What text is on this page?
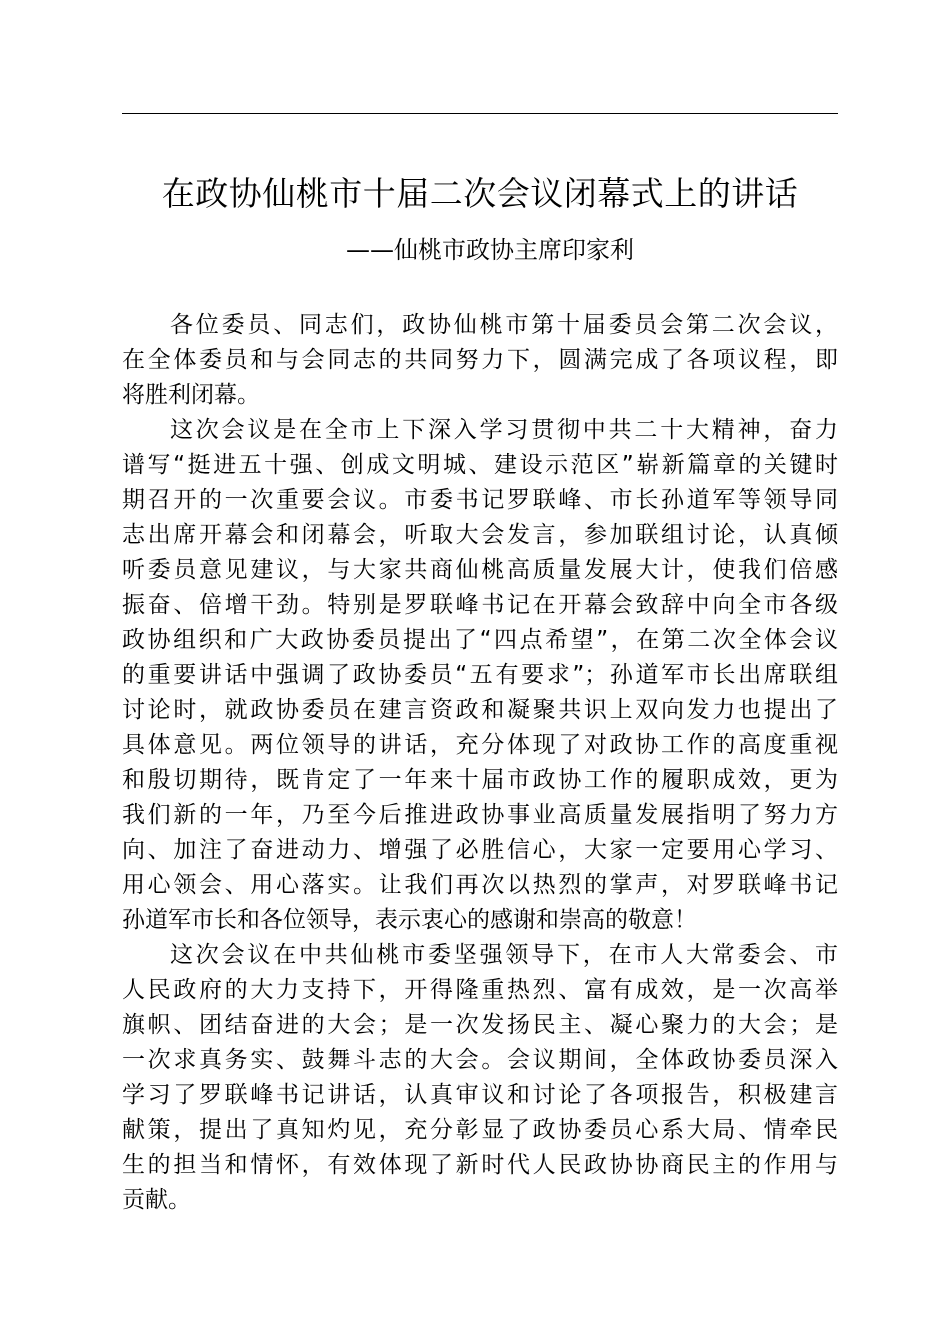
在政协仙桃市十届二次会议闭幕式上的讲话
——仙桃市政协主席印家利

各位委员、同志们，政协仙桃市第十届委员会第二次会议，
在全体委员和与会同志的共同努力下，圆满完成了各项议程，即
将胜利闭幕。

这次会议是在全市上下深入学习贯彻中共二十大精神，奋力
谱写“挺进五十强、创成文明城、建设示范区”崭新篇章的关键时
期召开的一次重要会议。市委书记罗联峰、市长孙道军等领导同
志出席开幕会和闭幕会，听取大会发言，参加联组讨论，认真倾
听委员意见建议，与大家共商仙桃高质量发展大计，使我们倍感
振奋、倍增干劲。特别是罗联峰书记在开幕会致辞中向全市各级
政协组织和广大政协委员提出了“四点希望”，在第二次全体会议
的重要讲话中强调了政协委员“五有要求”；孙道军市长出席联组
讨论时，就政协委员在建言资政和凝聚共识上双向发力也提出了
具体意见。两位领导的讲话，充分体现了对政协工作的高度重视
和殷切期待，既肯定了一年来十届市政协工作的履职成效，更为
我们新的一年，乃至今后推进政协事业高质量发展指明了努力方
向、加注了奋进动力、增强了必胜信心，大家一定要用心学习、
用心领会、用心落实。让我们再次以热烈的掌声，对罗联峰书记
孙道军市长和各位领导，表示衷心的感谢和崇高的敬意！

这次会议在中共仙桃市委坚强领导下，在市人大常委会、市
人民政府的大力支持下，开得隆重热烈、富有成效，是一次高举
旗帜、团结奋进的大会；是一次发扬民主、凝心聚力的大会；是
一次求真务实、鼓舞斗志的大会。会议期间，全体政协委员深入
学习了罗联峰书记讲话，认真审议和讨论了各项报告，积极建言
献策，提出了真知灼见，充分彰显了政协委员心系大局、情牵民
生的担当和情怀，有效体现了新时代人民政协协商民主的作用与
贡献。
